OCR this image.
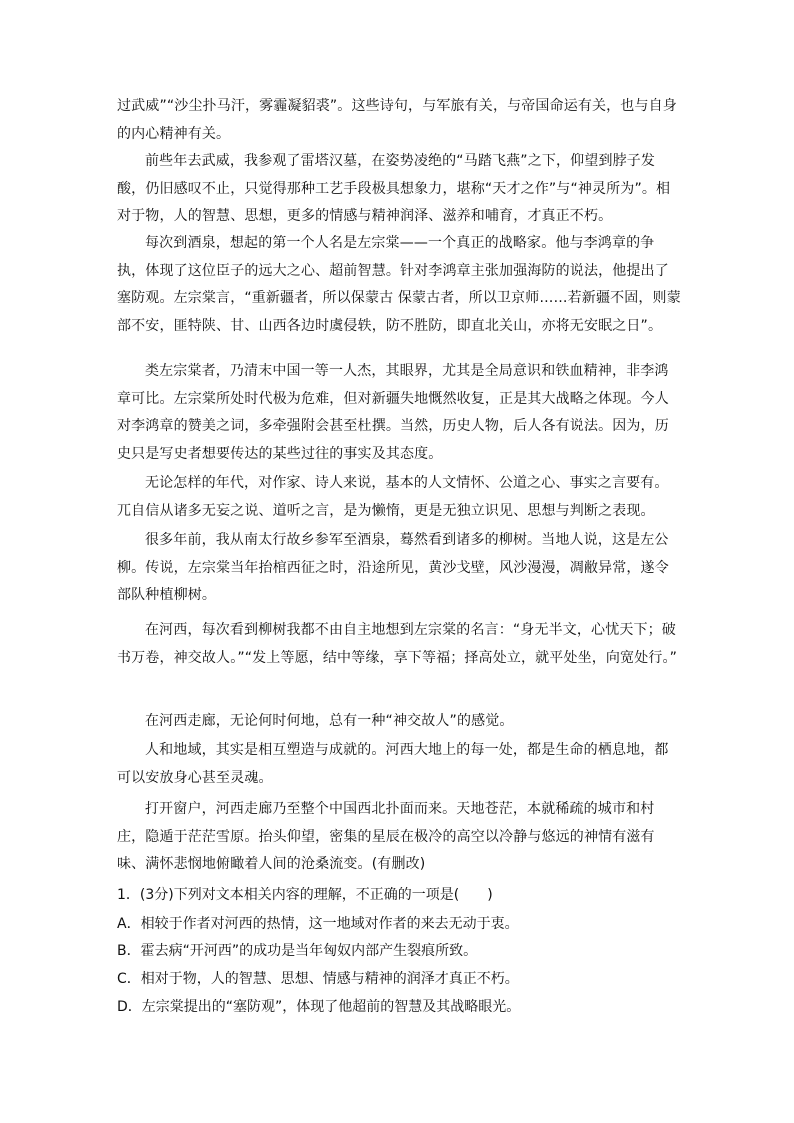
过武威”“沙尘扑马汗，雾霾凝貂裘”。这些诗句，与军旅有关，与帝国命运有关，也与自身的内心精神有关。

前些年去武威，我参观了雷塔汉墓，在姿势凌绝的“马踏飞燕”之下，仰望到脖子发酸，仍旧感叹不止，只觉得那种工艺手段极具想象力，堪称“天才之作”与“神灵所为”。相对于物，人的智慧、思想，更多的情感与精神润泽、滋养和哺育，才真正不朽。

每次到酒泉，想起的第一个人名是左宗棠——一个真正的战略家。他与李鸿章的争执，体现了这位臣子的远大之心、超前智慧。针对李鸿章主张加强海防的说法，他提出了塞防观。左宗棠言，“重新疆者，所以保蒙古 保蒙古者，所以卫京师……若新疆不固，则蒙部不安，匪特陕、甘、山西各边时虞侵轶，防不胜防，即直北关山，亦将无安眠之日”。

类左宗棠者，乃清末中国一等一人杰，其眼界，尤其是全局意识和铁血精神，非李鸿章可比。左宗棠所处时代极为危难，但对新疆失地慨然收复，正是其大战略之体现。今人对李鸿章的赞美之词，多牵强附会甚至杜撰。当然，历史人物，后人各有说法。因为，历史只是写史者想要传达的某些过往的事实及其态度。

无论怎样的年代，对作家、诗人来说，基本的人文情怀、公道之心、事实之言要有。兀自信从诸多无妄之说、道听之言，是为懒惰，更是无独立识见、思想与判断之表现。

很多年前，我从南太行故乡参军至酒泉，蓦然看到诸多的柳树。当地人说，这是左公柳。传说，左宗棠当年抬棺西征之时，沿途所见，黄沙戈壁，风沙漫漫，凋敝异常，遂令部队种植柳树。

在河西，每次看到柳树我都不由自主地想到左宗棠的名言：“身无半文，心忧天下；破书万卷，神交故人。”“发上等愿，结中等缘，享下等福；择高处立，就平处坐，向宽处行。”

在河西走廊，无论何时何地，总有一种“神交故人”的感觉。

人和地域，其实是相互塑造与成就的。河西大地上的每一处，都是生命的栖息地，都可以安放身心甚至灵魂。

打开窗户，河西走廊乃至整个中国西北扑面而来。天地苍茫，本就稀疏的城市和村庄，隐遁于茫茫雪原。抬头仰望，密集的星辰在极冷的高空以冷静与悠远的神情有滋有味、满怀悲悯地俯瞰着人间的沧桑流变。(有删改)

1．(3分)下列对文本相关内容的理解，不正确的一项是(　　)

A．相较于作者对河西的热情，这一地域对作者的来去无动于衷。

B．霍去病“开河西”的成功是当年匈奴内部产生裂痕所致。

C．相对于物，人的智慧、思想、情感与精神的润泽才真正不朽。

D．左宗棠提出的“塞防观”，体现了他超前的智慧及其战略眼光。
